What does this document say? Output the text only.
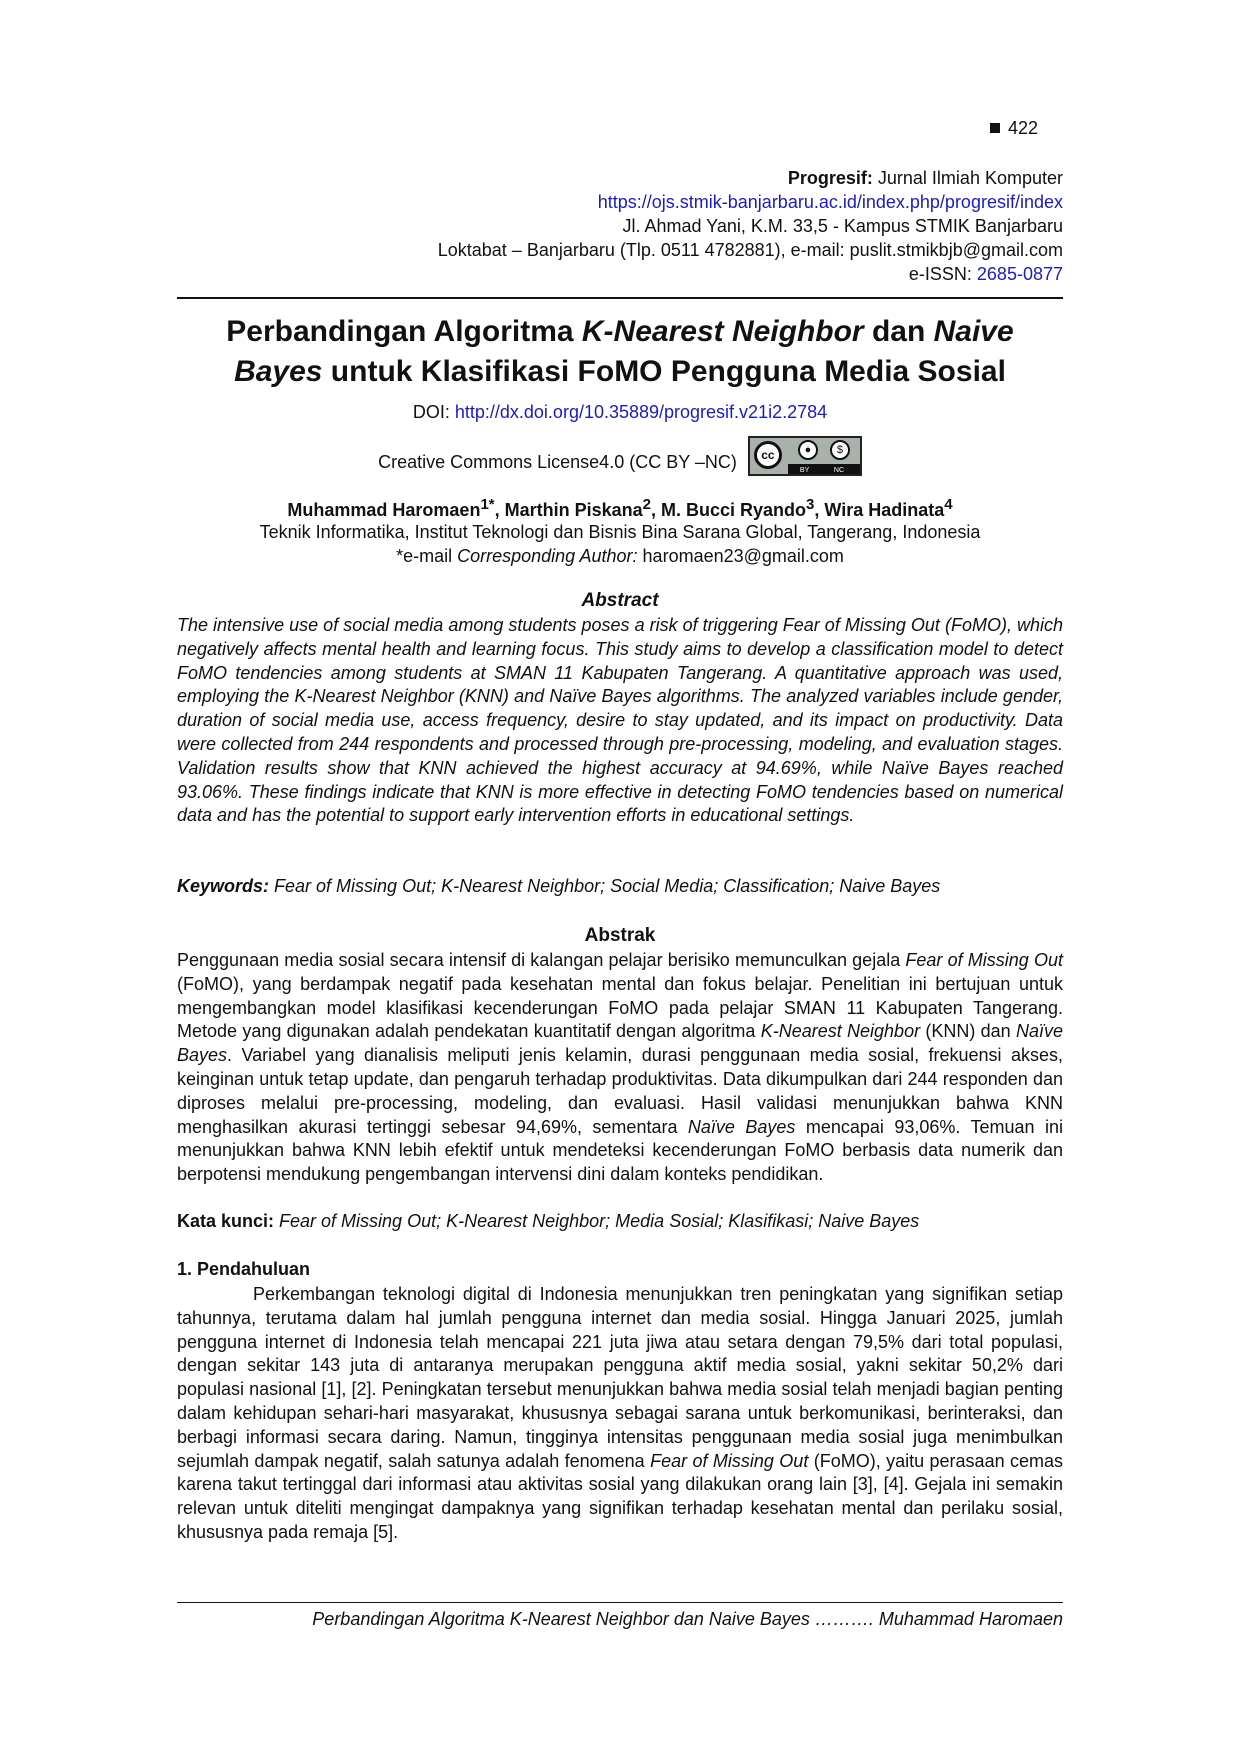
422
Progresif: Jurnal Ilmiah Komputer
https://ojs.stmik-banjarbaru.ac.id/index.php/progresif/index
Jl. Ahmad Yani, K.M. 33,5 - Kampus STMIK Banjarbaru
Loktabat – Banjarbaru (Tlp. 0511 4782881), e-mail: puslit.stmikbjb@gmail.com
e-ISSN: 2685-0877
Perbandingan Algoritma K-Nearest Neighbor dan Naive
Bayes untuk Klasifikasi FoMO Pengguna Media Sosial
DOI: http://dx.doi.org/10.35889/progresif.v21i2.2784
Creative Commons License4.0 (CC BY –NC)	cc	●	$
BY	NC
Muhammad Haromaen$^{1*}$, Marthin Piskana$^2$, M. Bucci Ryando$^3$, Wira Hadinata$^4$
Teknik Informatika, Institut Teknologi dan Bisnis Bina Sarana Global, Tangerang, Indonesia
*e-mail Corresponding Author: haromaen23@gmail.com
Abstract
The intensive use of social media among students poses a risk of triggering Fear of Missing Out (FoMO), which negatively affects mental health and learning focus. This study aims to develop a classification model to detect FoMO tendencies among students at SMAN 11 Kabupaten Tangerang. A quantitative approach was used, employing the K-Nearest Neighbor (KNN) and Naïve Bayes algorithms. The analyzed variables include gender, duration of social media use, access frequency, desire to stay updated, and its impact on productivity. Data were collected from 244 respondents and processed through pre-processing, modeling, and evaluation stages. Validation results show that KNN achieved the highest accuracy at 94.69%, while Naïve Bayes reached 93.06%. These findings indicate that KNN is more effective in detecting FoMO tendencies based on numerical data and has the potential to support early intervention efforts in educational settings.
Keywords: Fear of Missing Out; K-Nearest Neighbor; Social Media; Classification; Naive Bayes
Abstrak
Penggunaan media sosial secara intensif di kalangan pelajar berisiko memunculkan gejala Fear of Missing Out (FoMO), yang berdampak negatif pada kesehatan mental dan fokus belajar. Penelitian ini bertujuan untuk mengembangkan model klasifikasi kecenderungan FoMO pada pelajar SMAN 11 Kabupaten Tangerang. Metode yang digunakan adalah pendekatan kuantitatif dengan algoritma K-Nearest Neighbor (KNN) dan Naïve Bayes. Variabel yang dianalisis meliputi jenis kelamin, durasi penggunaan media sosial, frekuensi akses, keinginan untuk tetap update, dan pengaruh terhadap produktivitas. Data dikumpulkan dari 244 responden dan diproses melalui pre-processing, modeling, dan evaluasi. Hasil validasi menunjukkan bahwa KNN menghasilkan akurasi tertinggi sebesar 94,69%, sementara Naïve Bayes mencapai 93,06%. Temuan ini menunjukkan bahwa KNN lebih efektif untuk mendeteksi kecenderungan FoMO berbasis data numerik dan berpotensi mendukung pengembangan intervensi dini dalam konteks pendidikan.
Kata kunci: Fear of Missing Out; K-Nearest Neighbor; Media Sosial; Klasifikasi; Naive Bayes
1. Pendahuluan
Perkembangan teknologi digital di Indonesia menunjukkan tren peningkatan yang signifikan setiap tahunnya, terutama dalam hal jumlah pengguna internet dan media sosial. Hingga Januari 2025, jumlah pengguna internet di Indonesia telah mencapai 221 juta jiwa atau setara dengan 79,5% dari total populasi, dengan sekitar 143 juta di antaranya merupakan pengguna aktif media sosial, yakni sekitar 50,2% dari populasi nasional [1], [2]. Peningkatan tersebut menunjukkan bahwa media sosial telah menjadi bagian penting dalam kehidupan sehari-hari masyarakat, khususnya sebagai sarana untuk berkomunikasi, berinteraksi, dan berbagi informasi secara daring. Namun, tingginya intensitas penggunaan media sosial juga menimbulkan sejumlah dampak negatif, salah satunya adalah fenomena Fear of Missing Out (FoMO), yaitu perasaan cemas karena takut tertinggal dari informasi atau aktivitas sosial yang dilakukan orang lain [3], [4]. Gejala ini semakin relevan untuk diteliti mengingat dampaknya yang signifikan terhadap kesehatan mental dan perilaku sosial, khususnya pada remaja [5].
Perbandingan Algoritma K-Nearest Neighbor dan Naive Bayes ………. Muhammad Haromaen
